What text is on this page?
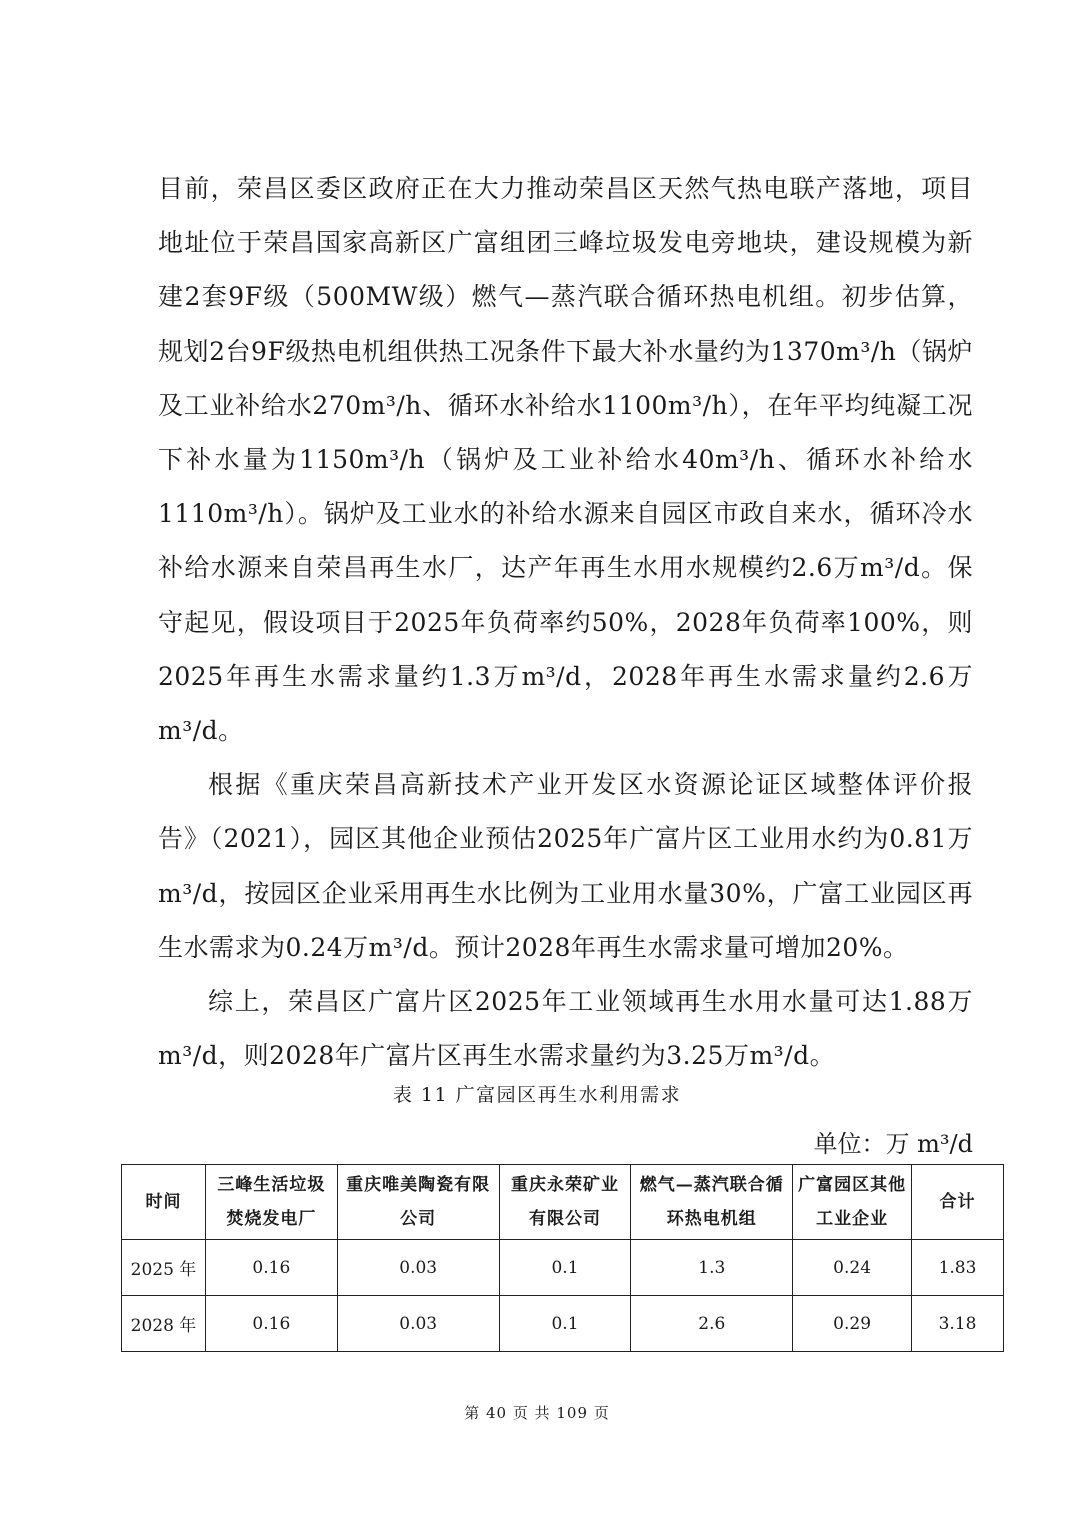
目前，荣昌区委区政府正在大力推动荣昌区天然气热电联产落地，项目地址位于荣昌国家高新区广富组团三峰垃圾发电旁地块，建设规模为新建2套9F级（500MW级）燃气—蒸汽联合循环热电机组。初步估算，规划2台9F级热电机组供热工况条件下最大补水量约为1370m³/h（锅炉及工业补给水270m³/h、循环水补给水1100m³/h），在年平均纯凝工况下补水量为1150m³/h（锅炉及工业补给水40m³/h、循环水补给水1110m³/h）。锅炉及工业水的补给水源来自园区市政自来水，循环冷水补给水源来自荣昌再生水厂，达产年再生水用水规模约2.6万m³/d。保守起见，假设项目于2025年负荷率约50%，2028年负荷率100%，则2025年再生水需求量约1.3万m³/d，2028年再生水需求量约2.6万m³/d。

根据《重庆荣昌高新技术产业开发区水资源论证区域整体评价报告》（2021），园区其他企业预估2025年广富片区工业用水约为0.81万m³/d，按园区企业采用再生水比例为工业用水量30%，广富工业园区再生水需求为0.24万m³/d。预计2028年再生水需求量可增加20%。

综上，荣昌区广富片区2025年工业领域再生水用水量可达1.88万m³/d，则2028年广富片区再生水需求量约为3.25万m³/d。

表 11 广富园区再生水利用需求
单位：万 m³/d
时间	三峰生活垃圾焚烧发电厂	重庆唯美陶瓷有限公司	重庆永荣矿业有限公司	燃气—蒸汽联合循环热电机组	广富园区其他工业企业	合计
2025 年	0.16	0.03	0.1	1.3	0.24	1.83
2028 年	0.16	0.03	0.1	2.6	0.29	3.18
第 40 页 共 109 页
